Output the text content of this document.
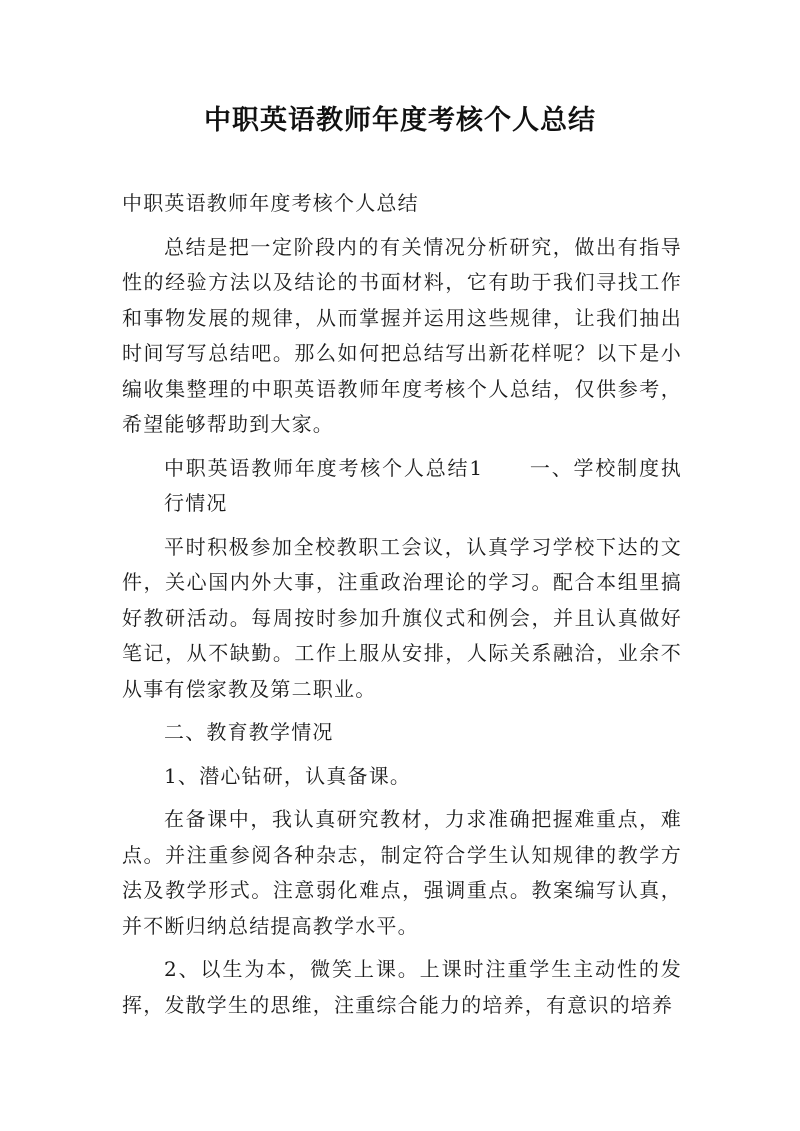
中职英语教师年度考核个人总结

中职英语教师年度考核个人总结

总结是把一定阶段内的有关情况分析研究，做出有指导性的经验方法以及结论的书面材料，它有助于我们寻找工作和事物发展的规律，从而掌握并运用这些规律，让我们抽出时间写写总结吧。那么如何把总结写出新花样呢？以下是小编收集整理的中职英语教师年度考核个人总结，仅供参考，希望能够帮助到大家。

中职英语教师年度考核个人总结1 一、学校制度执行情况

平时积极参加全校教职工会议，认真学习学校下达的文件，关心国内外大事，注重政治理论的学习。配合本组里搞好教研活动。每周按时参加升旗仪式和例会，并且认真做好笔记，从不缺勤。工作上服从安排，人际关系融洽，业余不从事有偿家教及第二职业。

二、教育教学情况

1、潜心钻研，认真备课。

在备课中，我认真研究教材，力求准确把握难重点，难点。并注重参阅各种杂志，制定符合学生认知规律的教学方法及教学形式。注意弱化难点，强调重点。教案编写认真，并不断归纳总结提高教学水平。

2、以生为本，微笑上课。上课时注重学生主动性的发挥，发散学生的思维，注重综合能力的培养，有意识的培养
